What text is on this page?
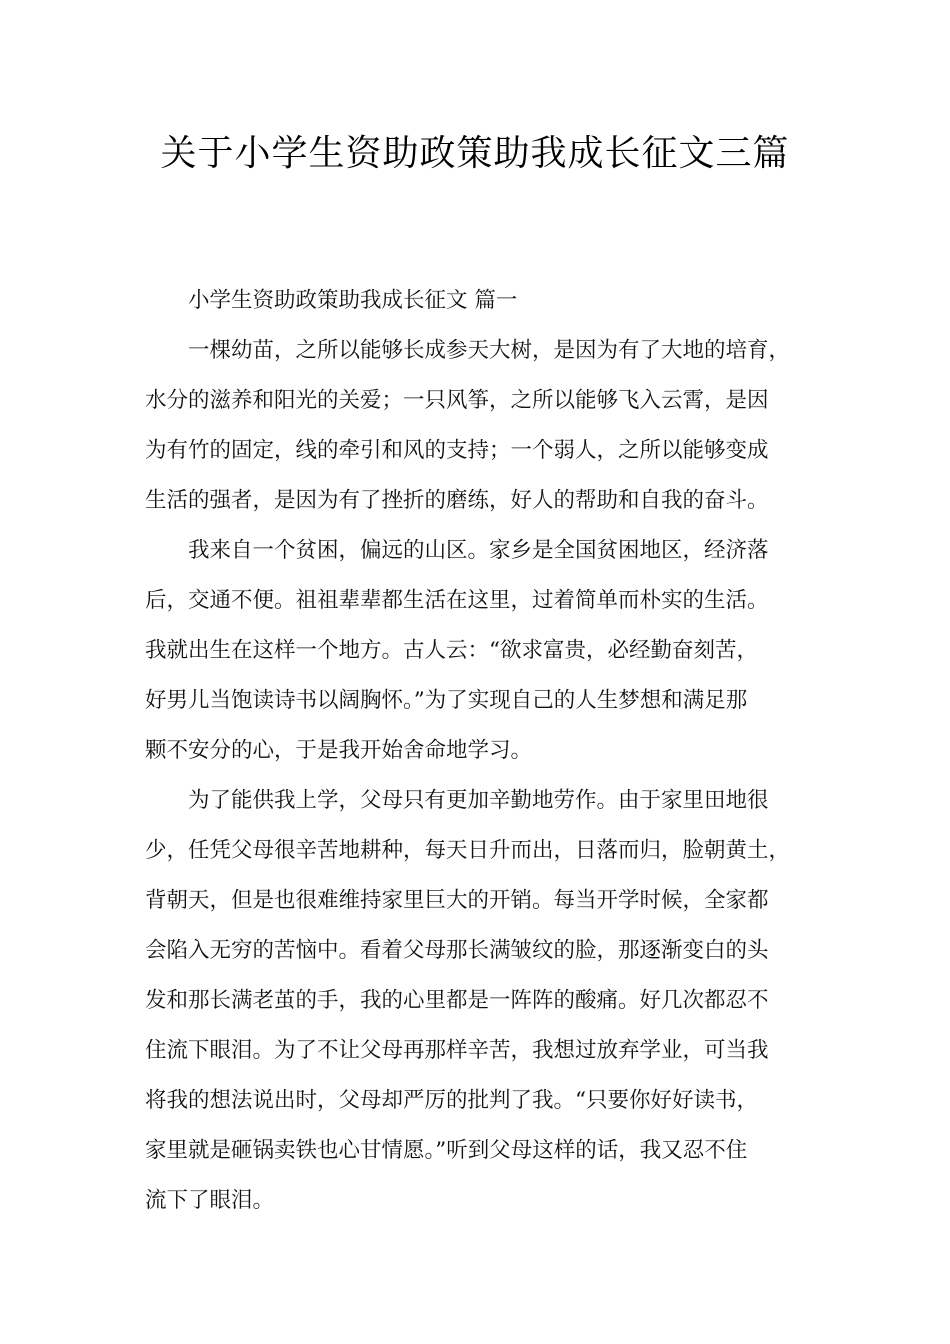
关于小学生资助政策助我成长征文三篇

小学生资助政策助我成长征文 篇一

一棵幼苗，之所以能够长成参天大树，是因为有了大地的培育，
水分的滋养和阳光的关爱；一只风筝，之所以能够飞入云霄，是因
为有竹的固定，线的牵引和风的支持；一个弱人，之所以能够变成
生活的强者，是因为有了挫折的磨练，好人的帮助和自我的奋斗。

我来自一个贫困，偏远的山区。家乡是全国贫困地区，经济落
后，交通不便。祖祖辈辈都生活在这里，过着简单而朴实的生活。
我就出生在这样一个地方。古人云：“欲求富贵，必经勤奋刻苦，
好男儿当饱读诗书以阔胸怀。”为了实现自己的人生梦想和满足那
颗不安分的心，于是我开始舍命地学习。

为了能供我上学，父母只有更加辛勤地劳作。由于家里田地很
少，任凭父母很辛苦地耕种，每天日升而出，日落而归，脸朝黄土，
背朝天，但是也很难维持家里巨大的开销。每当开学时候，全家都
会陷入无穷的苦恼中。看着父母那长满皱纹的脸，那逐渐变白的头
发和那长满老茧的手，我的心里都是一阵阵的酸痛。好几次都忍不
住流下眼泪。为了不让父母再那样辛苦，我想过放弃学业，可当我
将我的想法说出时，父母却严厉的批判了我。“只要你好好读书，
家里就是砸锅卖铁也心甘情愿。”听到父母这样的话，我又忍不住
流下了眼泪。
